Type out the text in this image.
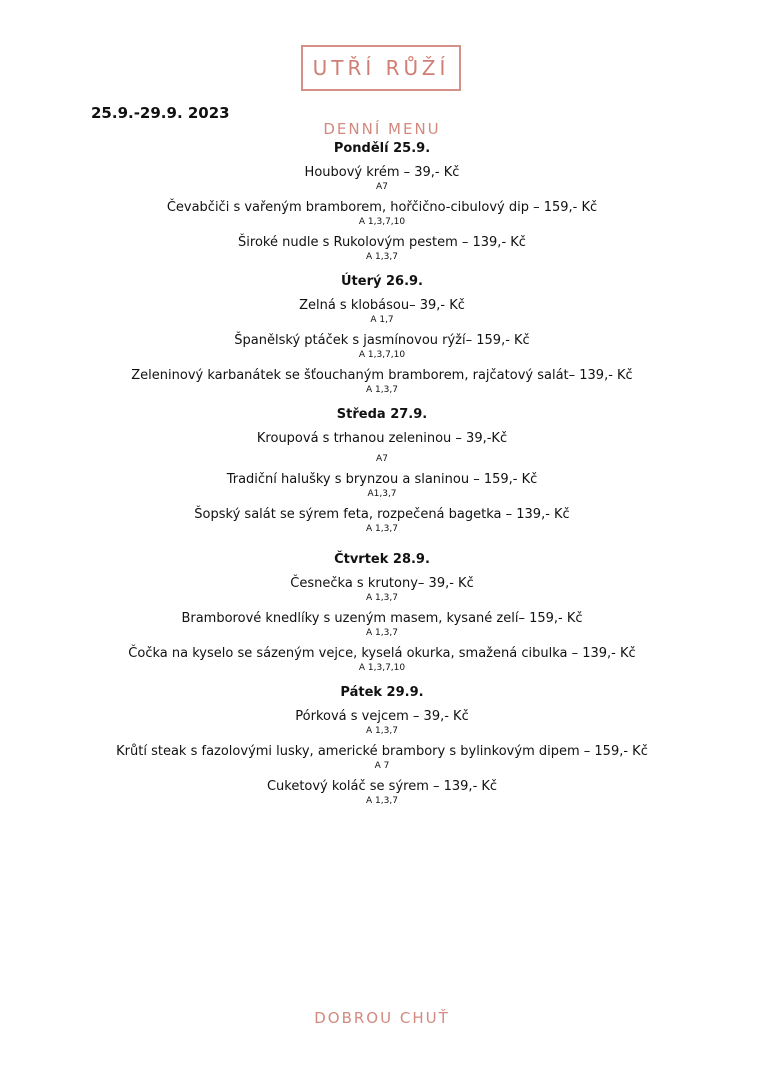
UTŘÍ RŮŽÍ
25.9.-29.9. 2023
DENNÍ MENU
Pondělí 25.9.
Houbový krém – 39,- Kč
A7
Čevabčiči s vařeným bramborem, hořčično-cibulový dip – 159,- Kč
A 1,3,7,10
Široké nudle s Rukolovým pestem – 139,- Kč
A 1,3,7
Úterý 26.9.
Zelná s klobásou– 39,- Kč
A 1,7
Španělský ptáček s jasmínovou rýží– 159,- Kč
A 1,3,7,10
Zeleninový karbanátek se šťouchaným bramborem, rajčatový salát– 139,- Kč
A 1,3,7
Středa 27.9.
Kroupová s trhanou zeleninou – 39,-Kč
A7
Tradiční halušky s brynzou a slaninou – 159,- Kč
A1,3,7
Šopský salát se sýrem feta, rozpečená bagetka – 139,- Kč
A 1,3,7
Čtvrtek 28.9.
Česnečka s krutony– 39,- Kč
A 1,3,7
Bramborové knedlíky s uzeným masem, kysané zelí– 159,- Kč
A 1,3,7
Čočka na kyselo se sázeným vejce, kyselá okurka, smažená cibulka – 139,- Kč
A 1,3,7,10
Pátek 29.9.
Pórková s vejcem – 39,- Kč
A 1,3,7
Krůtí steak s fazolovými lusky, americké brambory s bylinkovým dipem – 159,- Kč
A 7
Cuketový koláč se sýrem – 139,- Kč
A 1,3,7
DOBROU CHUŤ
